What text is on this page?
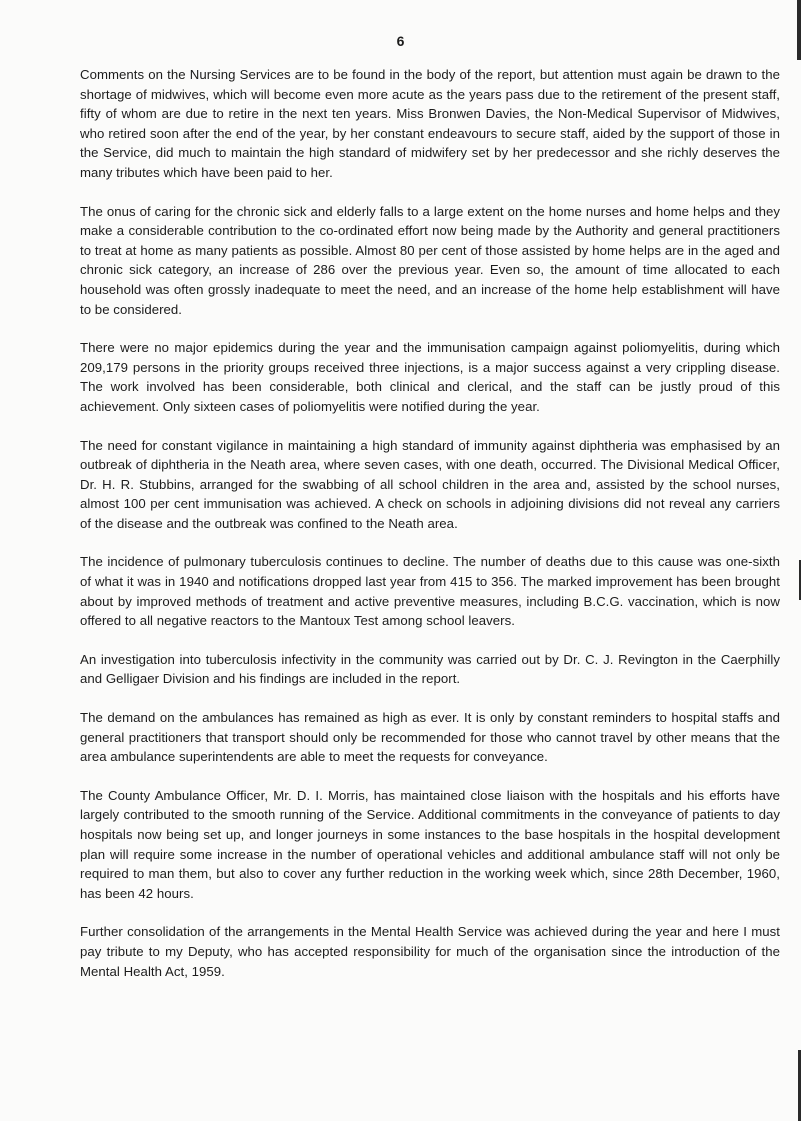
6

Comments on the Nursing Services are to be found in the body of the report, but attention must again be drawn to the shortage of midwives, which will become even more acute as the years pass due to the retirement of the present staff, fifty of whom are due to retire in the next ten years. Miss Bronwen Davies, the Non-Medical Supervisor of Midwives, who retired soon after the end of the year, by her constant endeavours to secure staff, aided by the support of those in the Service, did much to maintain the high standard of midwifery set by her predecessor and she richly deserves the many tributes which have been paid to her.

The onus of caring for the chronic sick and elderly falls to a large extent on the home nurses and home helps and they make a considerable contribution to the co-ordinated effort now being made by the Authority and general practitioners to treat at home as many patients as possible. Almost 80 per cent of those assisted by home helps are in the aged and chronic sick category, an increase of 286 over the previous year. Even so, the amount of time allocated to each household was often grossly inadequate to meet the need, and an increase of the home help establishment will have to be considered.

There were no major epidemics during the year and the immunisation campaign against poliomyelitis, during which 209,179 persons in the priority groups received three injections, is a major success against a very crippling disease. The work involved has been considerable, both clinical and clerical, and the staff can be justly proud of this achievement. Only sixteen cases of poliomyelitis were notified during the year.

The need for constant vigilance in maintaining a high standard of immunity against diphtheria was emphasised by an outbreak of diphtheria in the Neath area, where seven cases, with one death, occurred. The Divisional Medical Officer, Dr. H. R. Stubbins, arranged for the swabbing of all school children in the area and, assisted by the school nurses, almost 100 per cent immunisation was achieved. A check on schools in adjoining divisions did not reveal any carriers of the disease and the outbreak was confined to the Neath area.

The incidence of pulmonary tuberculosis continues to decline. The number of deaths due to this cause was one-sixth of what it was in 1940 and notifications dropped last year from 415 to 356. The marked improvement has been brought about by improved methods of treatment and active preventive measures, including B.C.G. vaccination, which is now offered to all negative reactors to the Mantoux Test among school leavers.

An investigation into tuberculosis infectivity in the community was carried out by Dr. C. J. Revington in the Caerphilly and Gelligaer Division and his findings are included in the report.

The demand on the ambulances has remained as high as ever. It is only by constant reminders to hospital staffs and general practitioners that transport should only be recommended for those who cannot travel by other means that the area ambulance superintendents are able to meet the requests for conveyance.

The County Ambulance Officer, Mr. D. I. Morris, has maintained close liaison with the hospitals and his efforts have largely contributed to the smooth running of the Service. Additional commitments in the conveyance of patients to day hospitals now being set up, and longer journeys in some instances to the base hospitals in the hospital development plan will require some increase in the number of operational vehicles and additional ambulance staff will not only be required to man them, but also to cover any further reduction in the working week which, since 28th December, 1960, has been 42 hours.

Further consolidation of the arrangements in the Mental Health Service was achieved during the year and here I must pay tribute to my Deputy, who has accepted responsibility for much of the organisation since the introduction of the Mental Health Act, 1959.
